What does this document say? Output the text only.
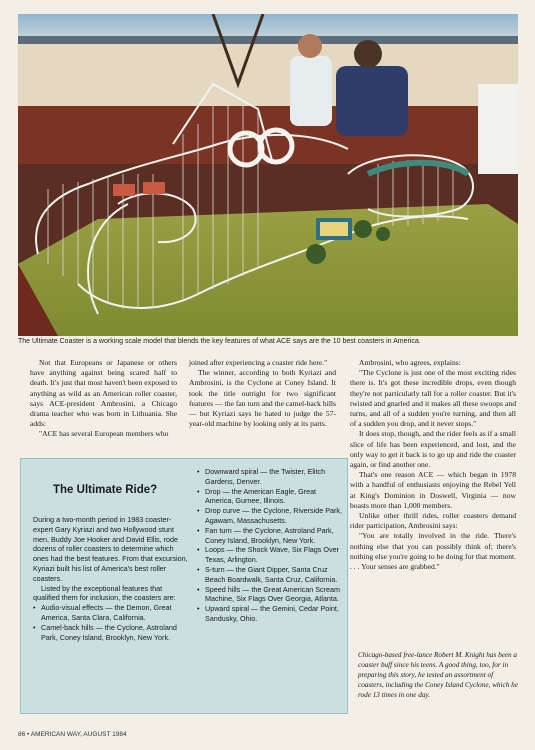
The Ultimate Coaster is a working scale model that blends the key features of what ACE says are the 10 best coasters in America.

Not that Europeans or Japanese or others have anything against being scared half to death. It's just that most haven't been exposed to anything as wild as an American roller coaster, says ACE-president Ambrosini, a Chicago drama teacher who was born in Lithuania. She adds:

"ACE has several European members who

joined after experiencing a coaster ride here."

The winner, according to both Kyriazi and Ambrosini, is the Cyclone at Coney Island. It took the title outright for two significant features — the fan turn and the camel-back hills — but Kyriazi says he hated to judge the 57-year-old machine by looking only at its parts.

Ambrosini, who agrees, explains:

"The Cyclone is just one of the most exciting rides there is. It's got these incredible drops, even though they're not particularly tall for a roller coaster. But it's twisted and gnarled and it makes all these swoops and turns, and all of a sudden you're turning, and then all of a sudden you drop, and it never stops."

It does stop, though, and the rider feels as if a small slice of life has been experienced, and lost, and the only way to get it back is to go up and ride the coaster again, or find another one.

That's one reason ACE — which began in 1978 with a handful of enthusiasts enjoying the Rebel Yell at King's Dominion in Doswell, Virginia — now boasts more than 1,000 members.

Unlike other thrill rides, roller coasters demand rider participation, Ambrosini says:

"You are totally involved in the ride. There's nothing else that you can possibly think of; there's nothing else you're going to be doing for that moment. . . . Your senses are grabbed."

The Ultimate Ride?

During a two-month period in 1983 coaster-expert Gary Kyriazi and two Hollywood stunt men, Buddy Joe Hooker and David Ellis, rode dozens of roller coasters to determine which ones had the best features. From that excursion, Kyriazi built his list of America's best roller coasters.

Listed by the exceptional features that qualified them for inclusion, the coasters are:

• Audio-visual effects — the Demon, Great America, Santa Clara, California.
• Camel-back hills — the Cyclone, Astroland Park, Coney Island, Brooklyn, New York.
• Downward spiral — the Twister, Elitch Gardens, Denver.
• Drop — the American Eagle, Great America, Gurnee, Illinois.
• Drop curve — the Cyclone, Riverside Park, Agawam, Massachusetts.
• Fan turn — the Cyclone, Astroland Park, Coney Island, Brooklyn, New York.
• Loops — the Shock Wave, Six Flags Over Texas, Arlington.
• S-turn — the Giant Dipper, Santa Cruz Beach Boardwalk, Santa Cruz, California.
• Speed hills — the Great American Scream Machine, Six Flags Over Georgia, Atlanta.
• Upward spiral — the Gemini, Cedar Point, Sandusky, Ohio.
Chicago-based free-lance Robert M. Knight has been a coaster buff since his teens. A good thing, too, for in preparing this story, he tested an assortment of coasters, including the Coney Island Cyclone, which he rode 13 times in one day.
86 • AMERICAN WAY, AUGUST 1984
